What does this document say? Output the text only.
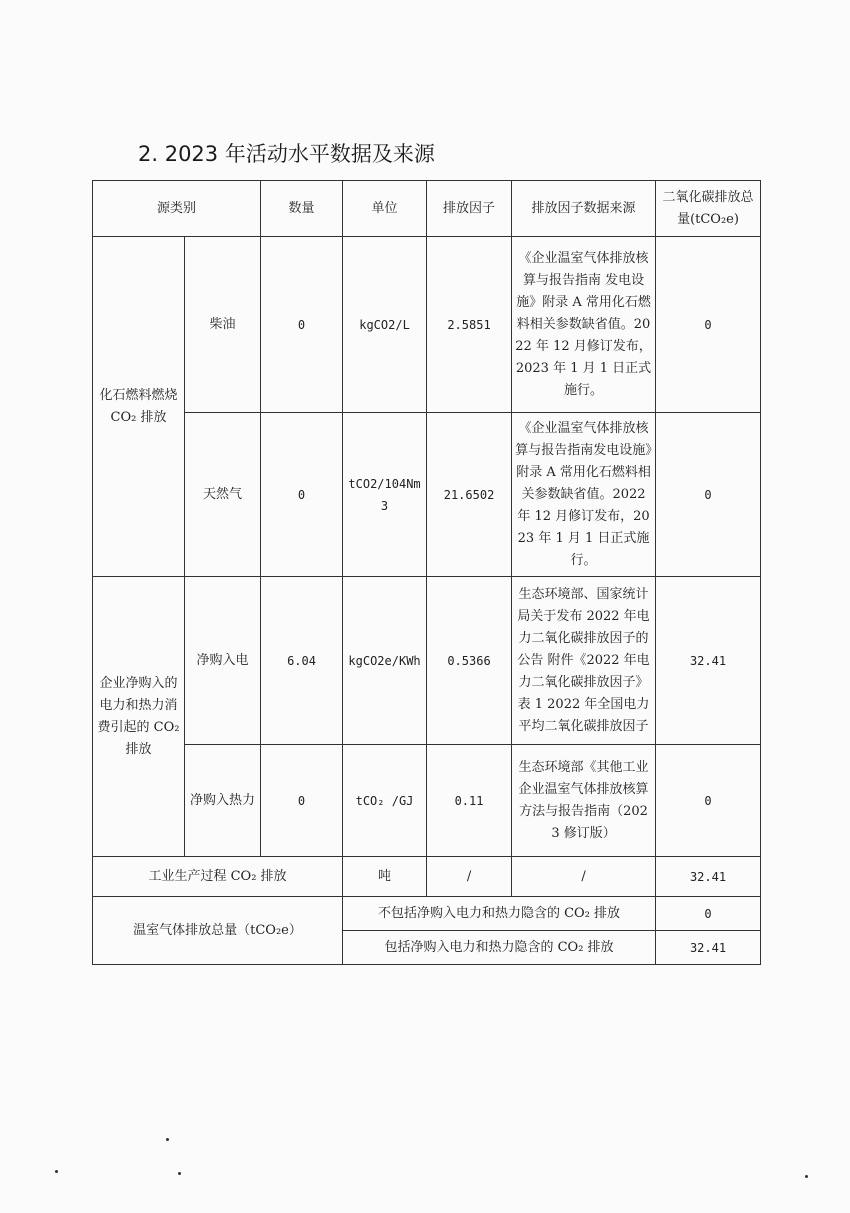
2. 2023 年活动水平数据及来源
源类别		数量	单位	排放因子	排放因子数据来源	二氧化碳排放总量(tCO₂e)
化石燃料燃烧 CO₂ 排放	柴油	0	kgCO2/L	2.5851	《企业温室气体排放核算与报告指南 发电设施》附录 A 常用化石燃料相关参数缺省值。2022 年 12 月修订发布，2023 年 1 月 1 日正式施行。	0
	天然气	0	tCO2/104Nm3	21.6502	《企业温室气体排放核算与报告指南发电设施》附录 A 常用化石燃料相关参数缺省值。2022 年 12 月修订发布，2023 年 1 月 1 日正式施行。	0
企业净购入的电力和热力消费引起的 CO₂ 排放	净购入电	6.04	kgCO2e/KWh	0.5366	生态环境部、国家统计局关于发布 2022 年电力二氧化碳排放因子的公告 附件《2022 年电力二氧化碳排放因子》表 1 2022 年全国电力平均二氧化碳排放因子	32.41
	净购入热力	0	tCO₂ /GJ	0.11	生态环境部《其他工业企业温室气体排放核算方法与报告指南（2023 修订版）	0
工业生产过程 CO₂ 排放			吨	/	/	32.41
温室气体排放总量（tCO₂e）			不包括净购入电力和热力隐含的 CO₂ 排放			0
			包括净购入电力和热力隐含的 CO₂ 排放			32.41
